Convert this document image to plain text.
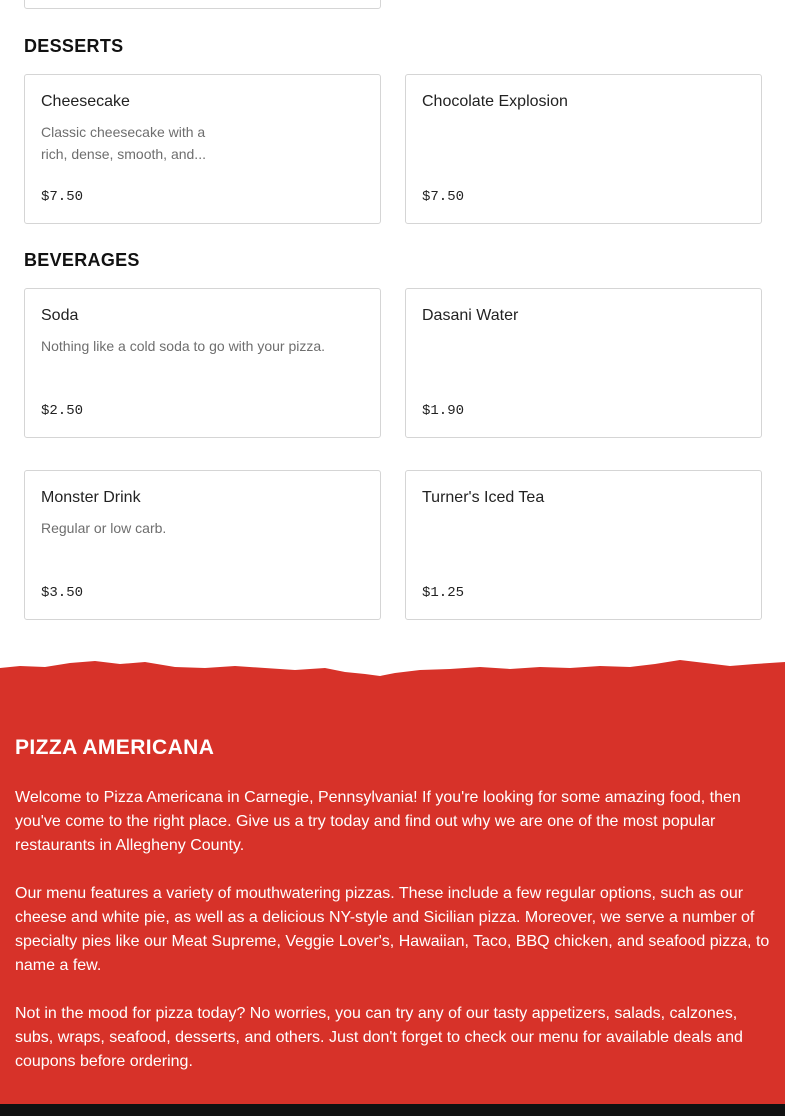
DESSERTS
Cheesecake
Classic cheesecake with a rich, dense, smooth, and...
$7.50
Chocolate Explosion
$7.50
BEVERAGES
Soda
Nothing like a cold soda to go with your pizza.
$2.50
Dasani Water
$1.90
Monster Drink
Regular or low carb.
$3.50
Turner's Iced Tea
$1.25
PIZZA AMERICANA
Welcome to Pizza Americana in Carnegie, Pennsylvania! If you're looking for some amazing food, then you've come to the right place. Give us a try today and find out why we are one of the most popular restaurants in Allegheny County.
Our menu features a variety of mouthwatering pizzas. These include a few regular options, such as our cheese and white pie, as well as a delicious NY-style and Sicilian pizza. Moreover, we serve a number of specialty pies like our Meat Supreme, Veggie Lover's, Hawaiian, Taco, BBQ chicken, and seafood pizza, to name a few.
Not in the mood for pizza today? No worries, you can try any of our tasty appetizers, salads, calzones, subs, wraps, seafood, desserts, and others. Just don't forget to check our menu for available deals and coupons before ordering.
